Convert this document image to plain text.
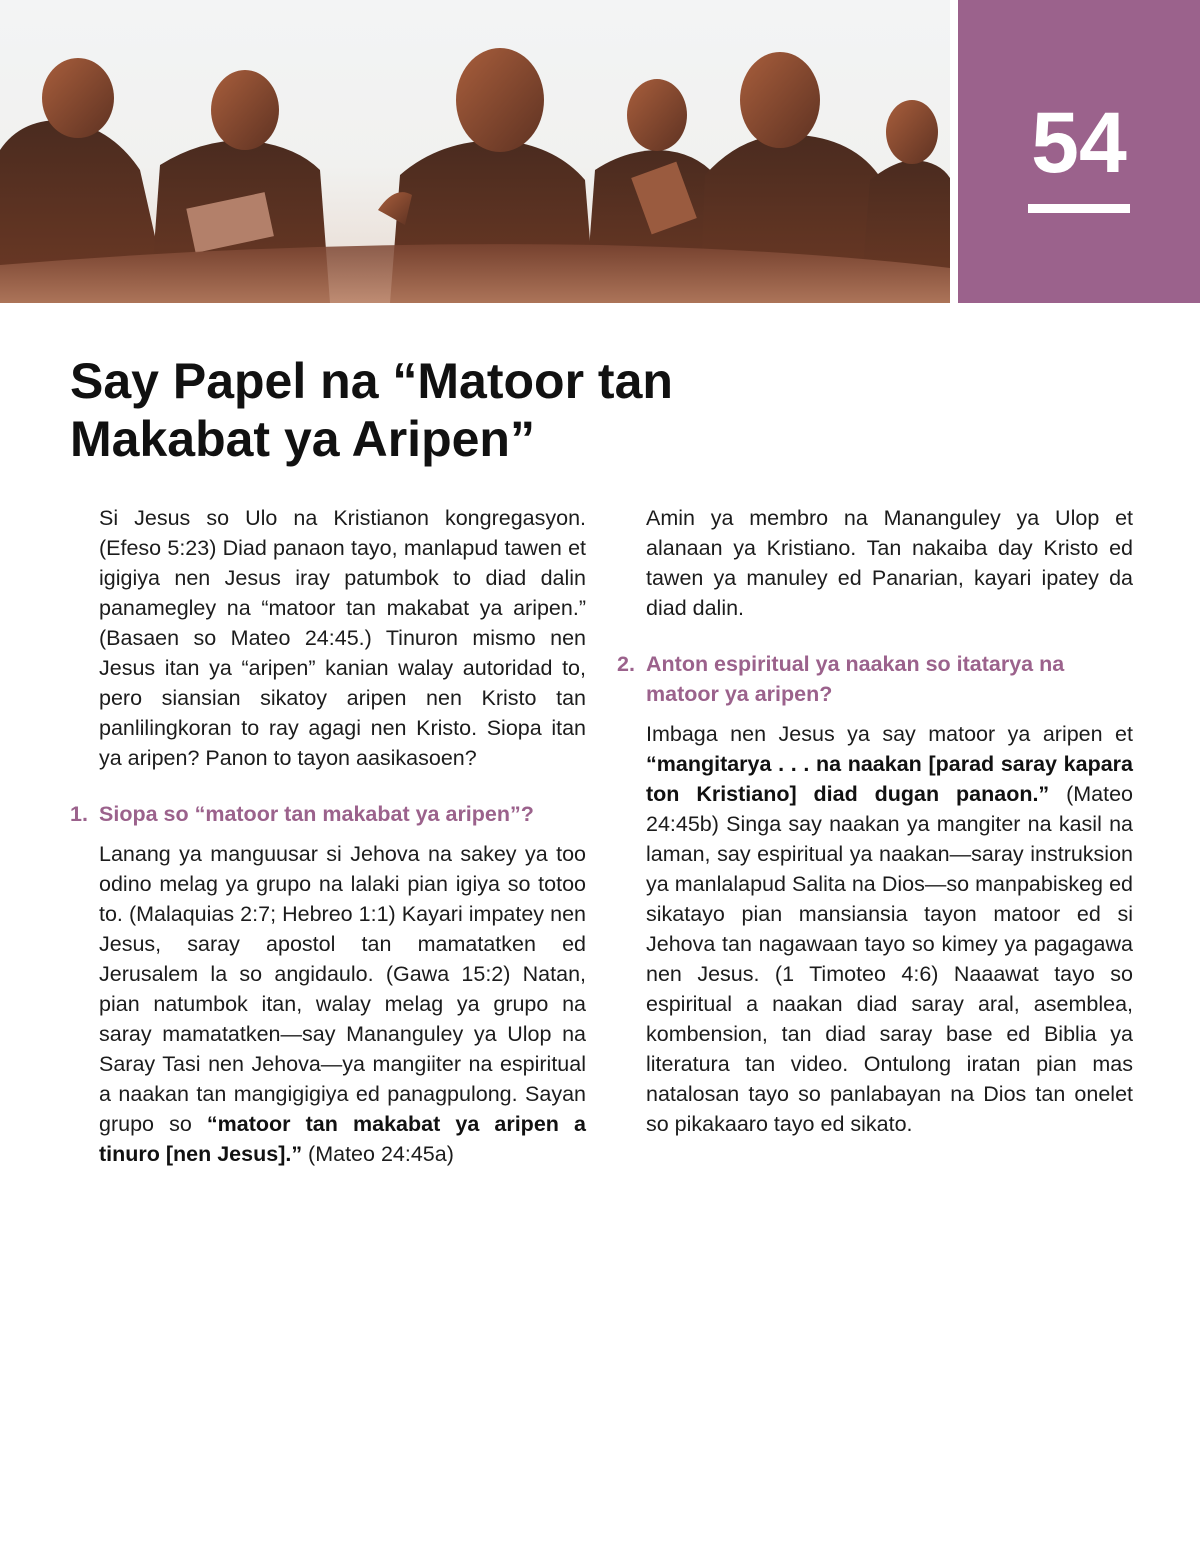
54
Say Papel na “Matoor tan
Makabat ya Aripen”

Si Jesus so Ulo na Kristianon kongregasyon. (Efeso 5:23) Diad panaon tayo, manlapud tawen et igigiya nen Jesus iray patumbok to diad dalin panamegley na “matoor tan makabat ya aripen.” (Basaen so Mateo 24:45.) Tinuron mismo nen Jesus itan ya “aripen” kanian walay autoridad to, pero siansian sikatoy aripen nen Kristo tan panlilingkoran to ray agagi nen Kristo. Siopa itan ya aripen? Panon to tayon aasikasoen?

1. Siopa so “matoor tan makabat ya aripen”?

Lanang ya manguusar si Jehova na sakey ya too odino melag ya grupo na lalaki pian igiya so totoo to. (Malaquias 2:7; Hebreo 1:1) Kayari impatey nen Jesus, saray apostol tan mamatatken ed Jerusalem la so angidaulo. (Gawa 15:2) Natan, pian natumbok itan, walay melag ya grupo na saray mamatatken—say Mananguley ya Ulop na Saray Tasi nen Jehova—ya mangiiter na espiritual a naakan tan mangigigiya ed panagpulong. Sayan grupo so “matoor tan makabat ya aripen a tinuro [nen Jesus].” (Mateo 24:45a)

Amin ya membro na Mananguley ya Ulop et alanaan ya Kristiano. Tan nakaiba day Kristo ed tawen ya manuley ed Panarian, kayari ipatey da diad dalin.

2. Anton espiritual ya naakan so itatarya na matoor ya aripen?

Imbaga nen Jesus ya say matoor ya aripen et “mangitarya . . . na naakan [parad saray kapara ton Kristiano] diad dugan panaon.” (Mateo 24:45b) Singa say naakan ya mangiter na kasil na laman, say espiritual ya naakan—saray instruksion ya manlalapud Salita na Dios—so manpabiskeg ed sikatayo pian mansiansia tayon matoor ed si Jehova tan nagawaan tayo so kimey ya pagagawa nen Jesus. (1 Timoteo 4:6) Naaawat tayo so espiritual a naakan diad saray aral, asemblea, kombension, tan diad saray base ed Biblia ya literatura tan video. Ontulong iratan pian mas natalosan tayo so panlabayan na Dios tan onelet so pikakaaro tayo ed sikato.
